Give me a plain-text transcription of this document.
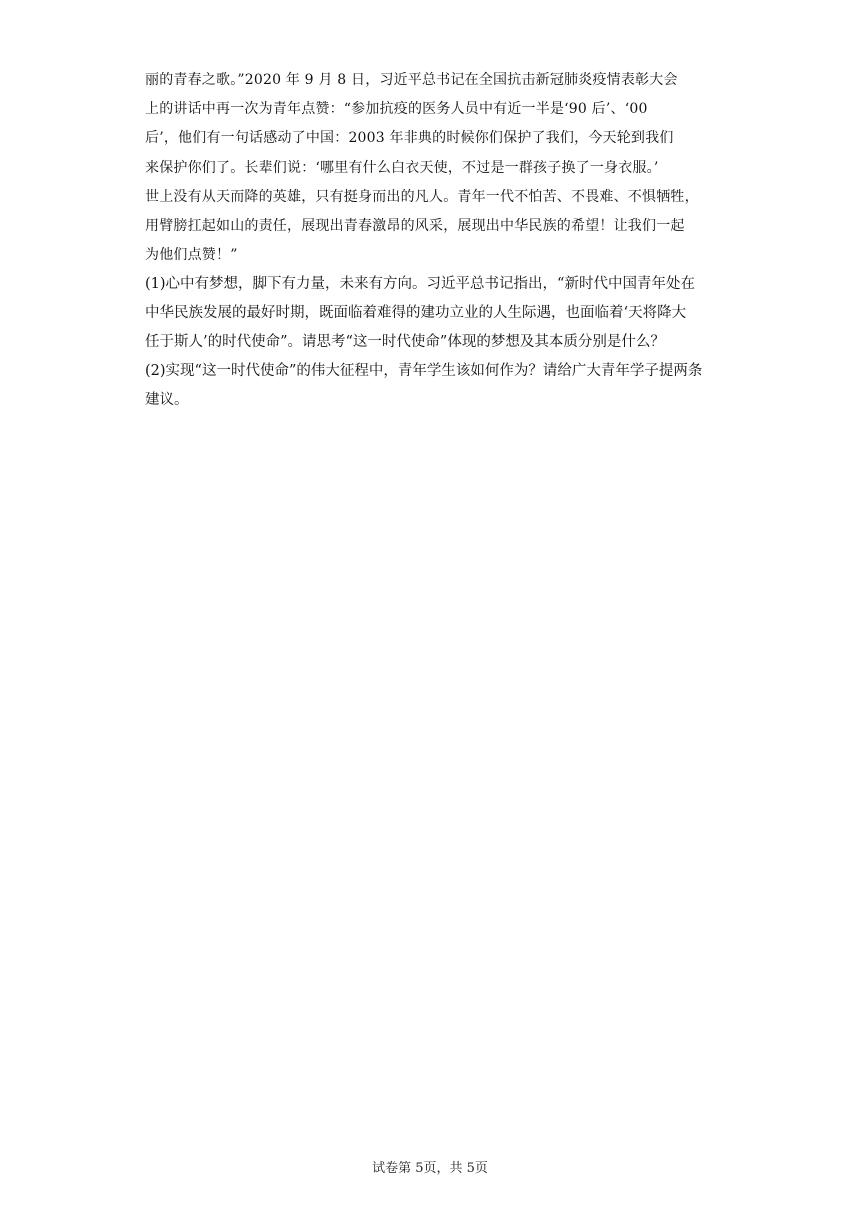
丽的青春之歌。”2020 年 9 月 8 日，习近平总书记在全国抗击新冠肺炎疫情表彰大会
上的讲话中再一次为青年点赞：“参加抗疫的医务人员中有近一半是‘90 后’、‘00
后’，他们有一句话感动了中国：2003 年非典的时候你们保护了我们，今天轮到我们
来保护你们了。长辈们说：‘哪里有什么白衣天使，不过是一群孩子换了一身衣服。’
世上没有从天而降的英雄，只有挺身而出的凡人。青年一代不怕苦、不畏难、不惧牺牲，
用臂膀扛起如山的责任，展现出青春激昂的风采，展现出中华民族的希望！让我们一起
为他们点赞！”
(1)心中有梦想，脚下有力量，未来有方向。习近平总书记指出，“新时代中国青年处在
中华民族发展的最好时期，既面临着难得的建功立业的人生际遇，也面临着‘天将降大
任于斯人’的时代使命”。请思考“这一时代使命”体现的梦想及其本质分别是什么？
(2)实现“这一时代使命”的伟大征程中，青年学生该如何作为？请给广大青年学子提两条
建议。
试卷第 5页，共 5页
